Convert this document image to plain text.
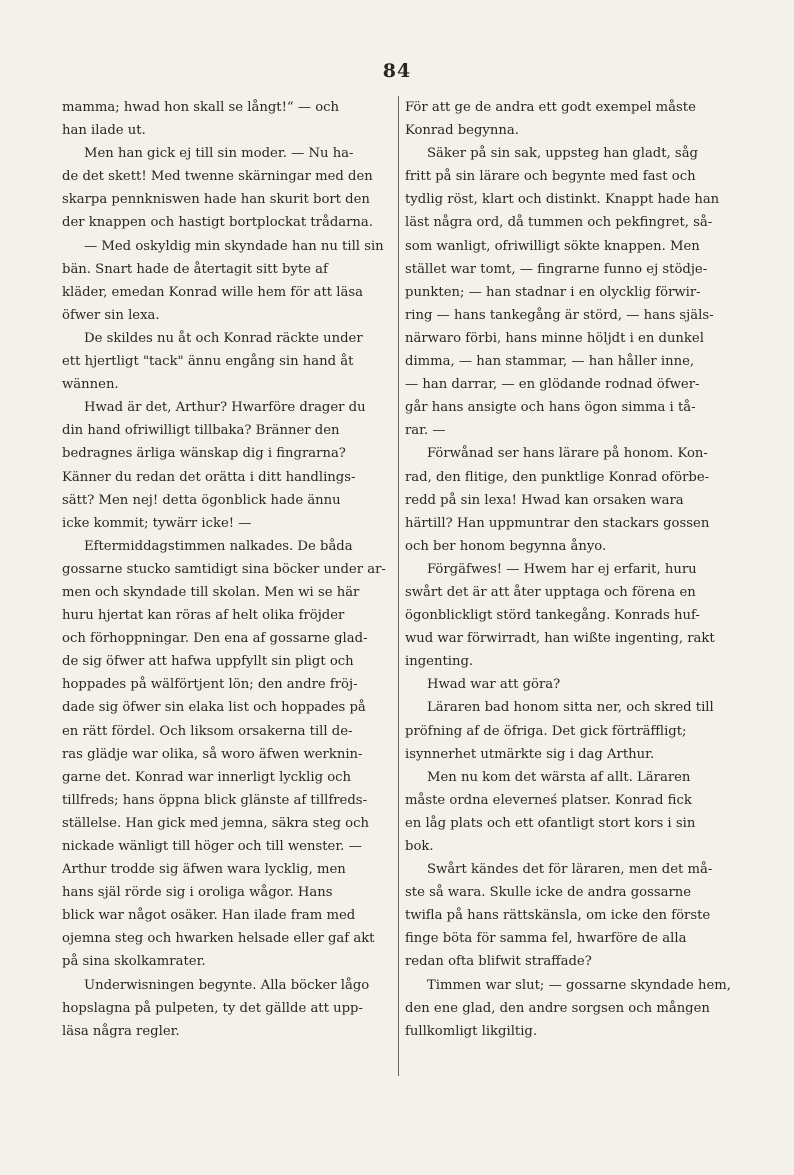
84
mamma; hwad hon skall se långt!“ — och
han ilade ut.
Men han gick ej till sin moder. — Nu ha-
de det skett! Med twenne skärningar med den
skarpa pennkniswen hade han skurit bort den
der knappen och hastigt bortplockat trådarna.
— Med oskyldig min skyndade han nu till sin
bän. Snart hade de återtagit sitt byte af
kläder, emedan Konrad wille hem för att läsa
öfwer sin lexa.
De skildes nu åt och Konrad räckte under
ett hjertligt "tack" ännu engång sin hand åt
wännen.
Hwad är det, Arthur? Hwarföre drager du
din hand ofriwilligt tillbaka? Bränner den
bedragnes ärliga wänskap dig i fingrarna?
Känner du redan det orätta i ditt handlings-
sätt? Men nej! detta ögonblick hade ännu
icke kommit; tywärr icke! —
Eftermiddagstimmen nalkades. De båda
gossarne stucko samtidigt sina böcker under ar-
men och skyndade till skolan. Men wi se här
huru hjertat kan röras af helt olika fröjder
och förhoppningar. Den ena af gossarne glad-
de sig öfwer att hafwa uppfyllt sin pligt och
hoppades på wälförtjent lön; den andre fröj-
dade sig öfwer sin elaka list och hoppades på
en rätt fördel. Och liksom orsakerna till de-
ras glädje war olika, så woro äfwen werknin-
garne det. Konrad war innerligt lycklig och
tillfreds; hans öppna blick glänste af tillfreds-
ställelse. Han gick med jemna, säkra steg och
nickade wänligt till höger och till wenster. —
Arthur trodde sig äfwen wara lycklig, men
hans själ rörde sig i oroliga wågor. Hans
blick war något osäker. Han ilade fram med
ojemna steg och hwarken helsade eller gaf akt
på sina skolkamrater.
Underwisningen begynte. Alla böcker lågo
hopslagna på pulpeten, ty det gällde att upp-
läsa några regler.
För att ge de andra ett godt exempel måste
Konrad begynna.
Säker på sin sak, uppsteg han gladt, såg
fritt på sin lärare och begynte med fast och
tydlig röst, klart och distinkt. Knappt hade han
läst några ord, då tummen och pekfingret, så-
som wanligt, ofriwilligt sökte knappen. Men
stället war tomt, — fingrarne funno ej stödje-
punkten; — han stadnar i en olycklig förwir-
ring — hans tankegång är störd, — hans själs-
närwaro förbi, hans minne höljdt i en dunkel
dimma, — han stammar, — han håller inne,
— han darrar, — en glödande rodnad öfwer-
går hans ansigte och hans ögon simma i tå-
rar. —
Förwånad ser hans lärare på honom. Kon-
rad, den flitige, den punktlige Konrad oförbe-
redd på sin lexa! Hwad kan orsaken wara
härtill? Han uppmuntrar den stackars gossen
och ber honom begynna ånyo.
Förgäfwes! — Hwem har ej erfarit, huru
swårt det är att åter upptaga och förena en
ögonblickligt störd tankegång. Konrads huf-
wud war förwirradt, han wißte ingenting, rakt
ingenting.
Hwad war att göra?
Läraren bad honom sitta ner, och skred till
pröfning af de öfriga. Det gick förträffligt;
isynnerhet utmärkte sig i dag Arthur.
Men nu kom det wärsta af allt. Läraren
måste ordna eleverneś platser. Konrad fick
en låg plats och ett ofantligt stort kors i sin
bok.
Swårt kändes det för läraren, men det må-
ste så wara. Skulle icke de andra gossarne
twifla på hans rättskänsla, om icke den förste
finge böta för samma fel, hwarföre de alla
redan ofta blifwit straffade?
Timmen war slut; — gossarne skyndade hem,
den ene glad, den andre sorgsen och mången
fullkomligt likgiltig.
